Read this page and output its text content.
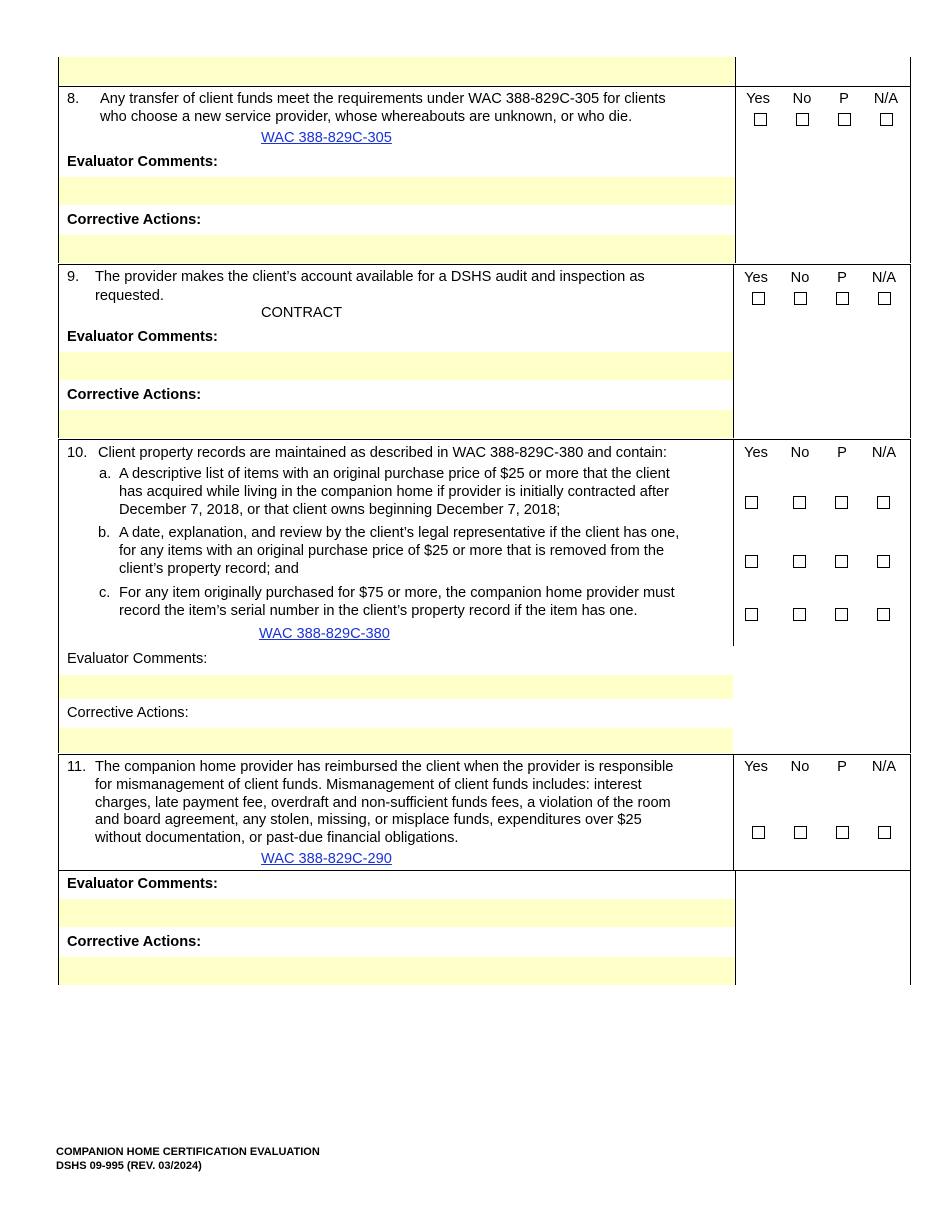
8. Any transfer of client funds meet the requirements under WAC 388-829C-305 for clients
who choose a new service provider, whose whereabouts are unknown, or who die.
WAC 388-829C-305
Evaluator Comments:
Corrective Actions:
Yes	No	P	N/A
9. The provider makes the client’s account available for a DSHS audit and inspection as
requested.
CONTRACT
Evaluator Comments:
Corrective Actions:
Yes	No	P	N/A
10. Client property records are maintained as described in WAC 388-829C-380 and contain:
a. A descriptive list of items with an original purchase price of $25 or more that the client
has acquired while living in the companion home if provider is initially contracted after
December 7, 2018, or that client owns beginning December 7, 2018;
b. A date, explanation, and review by the client’s legal representative if the client has one,
for any items with an original purchase price of $25 or more that is removed from the
client’s property record; and
c. For any item originally purchased for $75 or more, the companion home provider must
record the item’s serial number in the client’s property record if the item has one.
WAC 388-829C-380
Evaluator Comments:
Corrective Actions:
Yes	No	P	N/A
11. The companion home provider has reimbursed the client when the provider is responsible
for mismanagement of client funds. Mismanagement of client funds includes: interest
charges, late payment fee, overdraft and non-sufficient funds fees, a violation of the room
and board agreement, any stolen, missing, or misplace funds, expenditures over $25
without documentation, or past-due financial obligations.
WAC 388-829C-290
Evaluator Comments:
Corrective Actions:
Yes	No	P	N/A
COMPANION HOME CERTIFICATION EVALUATION
DSHS 09-995 (REV. 03/2024)
